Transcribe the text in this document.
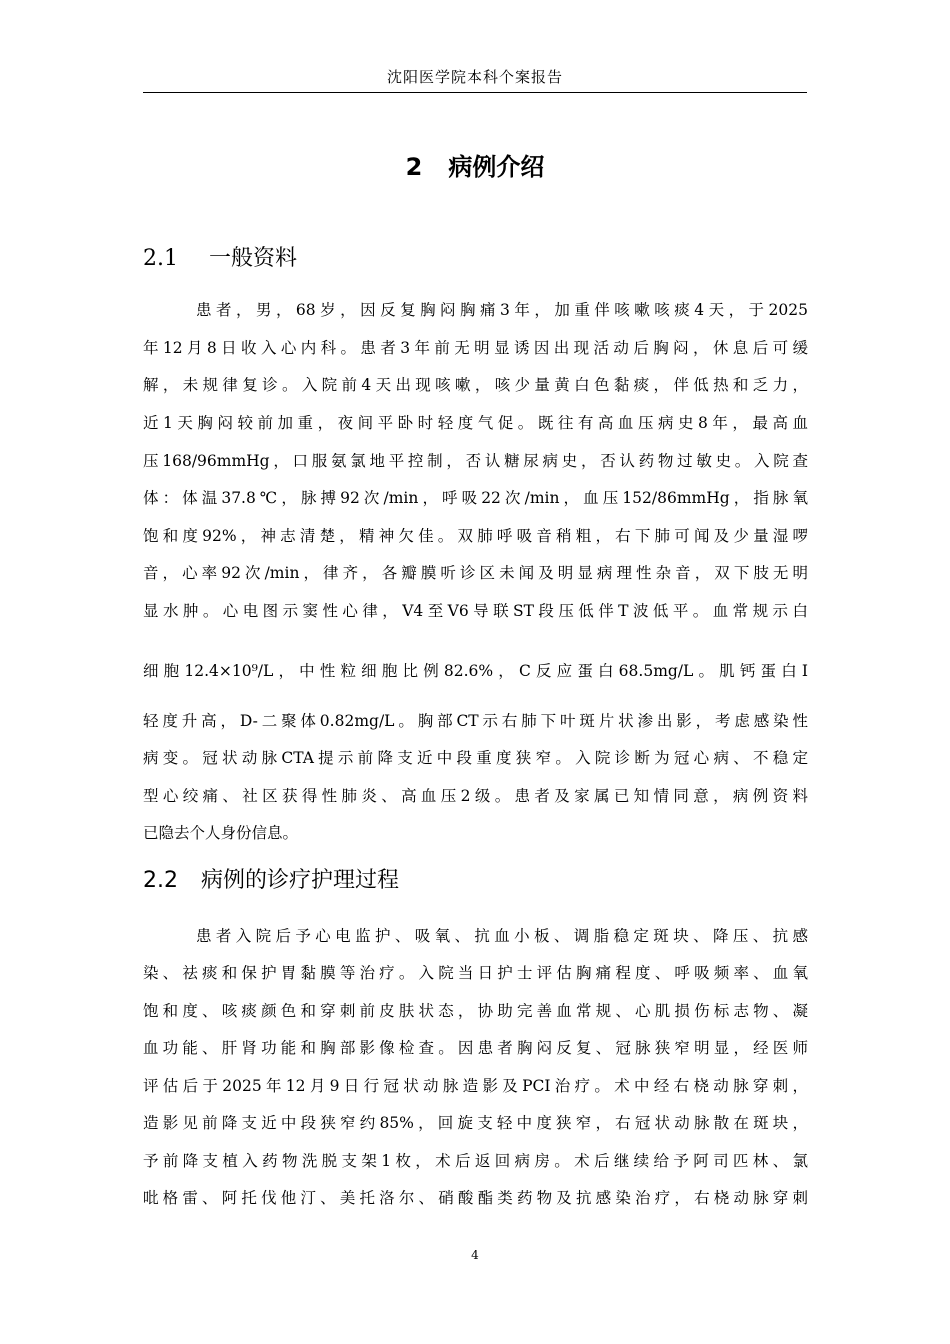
沈阳医学院本科个案报告
2 病例介绍
2.1 一般资料
患者，男，68岁，因反复胸闷胸痛3年，加重伴咳嗽咳痰4天，于2025
年12月8日收入心内科。患者3年前无明显诱因出现活动后胸闷，休息后可缓
解，未规律复诊。入院前4天出现咳嗽，咳少量黄白色黏痰，伴低热和乏力，
近1天胸闷较前加重，夜间平卧时轻度气促。既往有高血压病史8年，最高血
压168/96mmHg，口服氨氯地平控制，否认糖尿病史，否认药物过敏史。入院查
体：体温37.8℃，脉搏92次/min，呼吸22次/min，血压152/86mmHg，指脉氧
饱和度92%，神志清楚，精神欠佳。双肺呼吸音稍粗，右下肺可闻及少量湿啰
音，心率92次/min，律齐，各瓣膜听诊区未闻及明显病理性杂音，双下肢无明
显水肿。心电图示窦性心律，V4至V6导联ST段压低伴T波低平。血常规示白
细胞12.4×10⁹/L，中性粒细胞比例82.6%，C反应蛋白68.5mg/L。肌钙蛋白I
轻度升高，D-二聚体0.82mg/L。胸部CT示右肺下叶斑片状渗出影，考虑感染性
病变。冠状动脉CTA提示前降支近中段重度狭窄。入院诊断为冠心病、不稳定
型心绞痛、社区获得性肺炎、高血压2级。患者及家属已知情同意，病例资料
已隐去个人身份信息。
2.2 病例的诊疗护理过程
患者入院后予心电监护、吸氧、抗血小板、调脂稳定斑块、降压、抗感
染、祛痰和保护胃黏膜等治疗。入院当日护士评估胸痛程度、呼吸频率、血氧
饱和度、咳痰颜色和穿刺前皮肤状态，协助完善血常规、心肌损伤标志物、凝
血功能、肝肾功能和胸部影像检查。因患者胸闷反复、冠脉狭窄明显，经医师
评估后于2025年12月9日行冠状动脉造影及PCI治疗。术中经右桡动脉穿刺，
造影见前降支近中段狭窄约85%，回旋支轻中度狭窄，右冠状动脉散在斑块，
予前降支植入药物洗脱支架1枚，术后返回病房。术后继续给予阿司匹林、氯
吡格雷、阿托伐他汀、美托洛尔、硝酸酯类药物及抗感染治疗，右桡动脉穿刺
4
